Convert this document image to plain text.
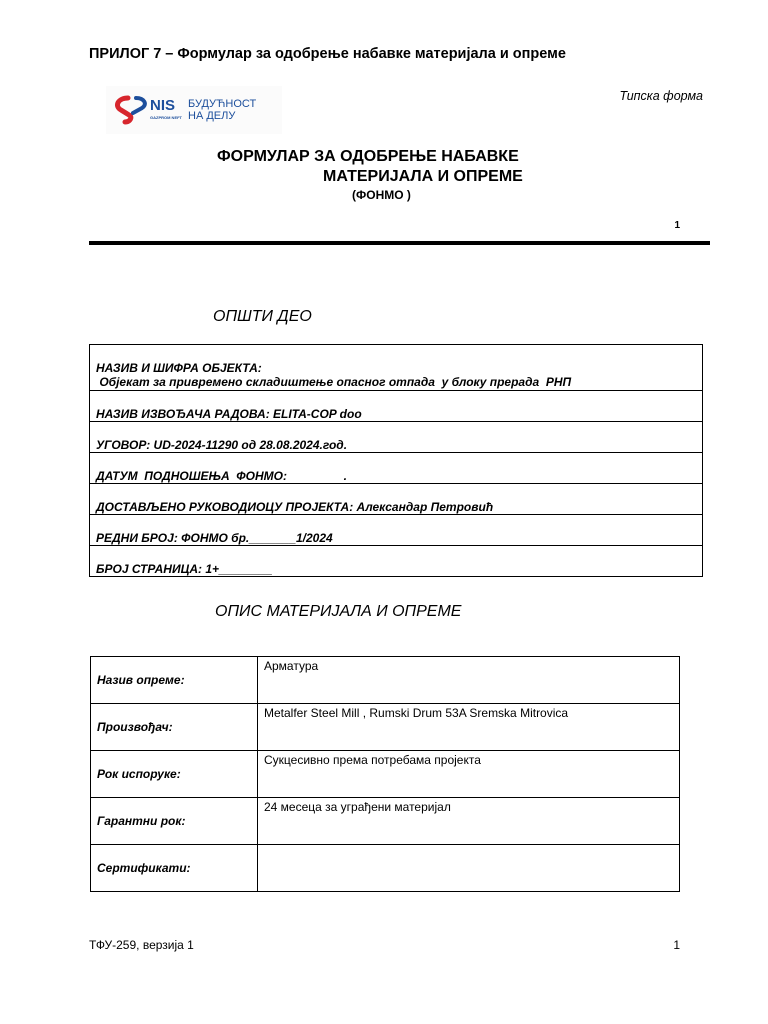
ПРИЛОГ 7 – Формулар за одобрење набавке материјала и опреме
NIS
GAZPROM NEFT
БУДУЋНОСТ
НА ДЕЛУ
Типска форма
ФОРМУЛАР ЗА ОДОБРЕЊЕ НАБАВКЕ
МАТЕРИЈАЛА И ОПРЕМЕ
(ФОНМО )
1
ОПШТИ ДЕО
НАЗИВ И ШИФРА ОБЈЕКТА:
Објекат за привремено складиштење опасног отпада  у блоку прерада  РНП

НАЗИВ ИЗВОЂАЧА РАДОВА: ELITA-COP doo
УГОВОР: UD-2024-11290 од 28.08.2024.год.
ДАТУМ  ПОДНОШЕЊА  ФОНМО:                 .
ДОСТАВЉЕНО РУКОВОДИОЦУ ПРОЈЕКТА: Александар Петровић
РЕДНИ БРОЈ: ФОНМО бр._______1/2024
БРОЈ СТРАНИЦА: 1+________
ОПИС МАТЕРИЈАЛА И ОПРЕМЕ
Назив опреме:	Арматура
Произвођач:	Metalfer Steel Mill , Rumski Drum 53A Sremska Mitrovica
Рок испоруке:	Сукцесивно према потребама пројекта
Гарантни рок:	24 месеца за уграђени материјал
Сертификати:	
ТФУ-259, верзија 1	1
